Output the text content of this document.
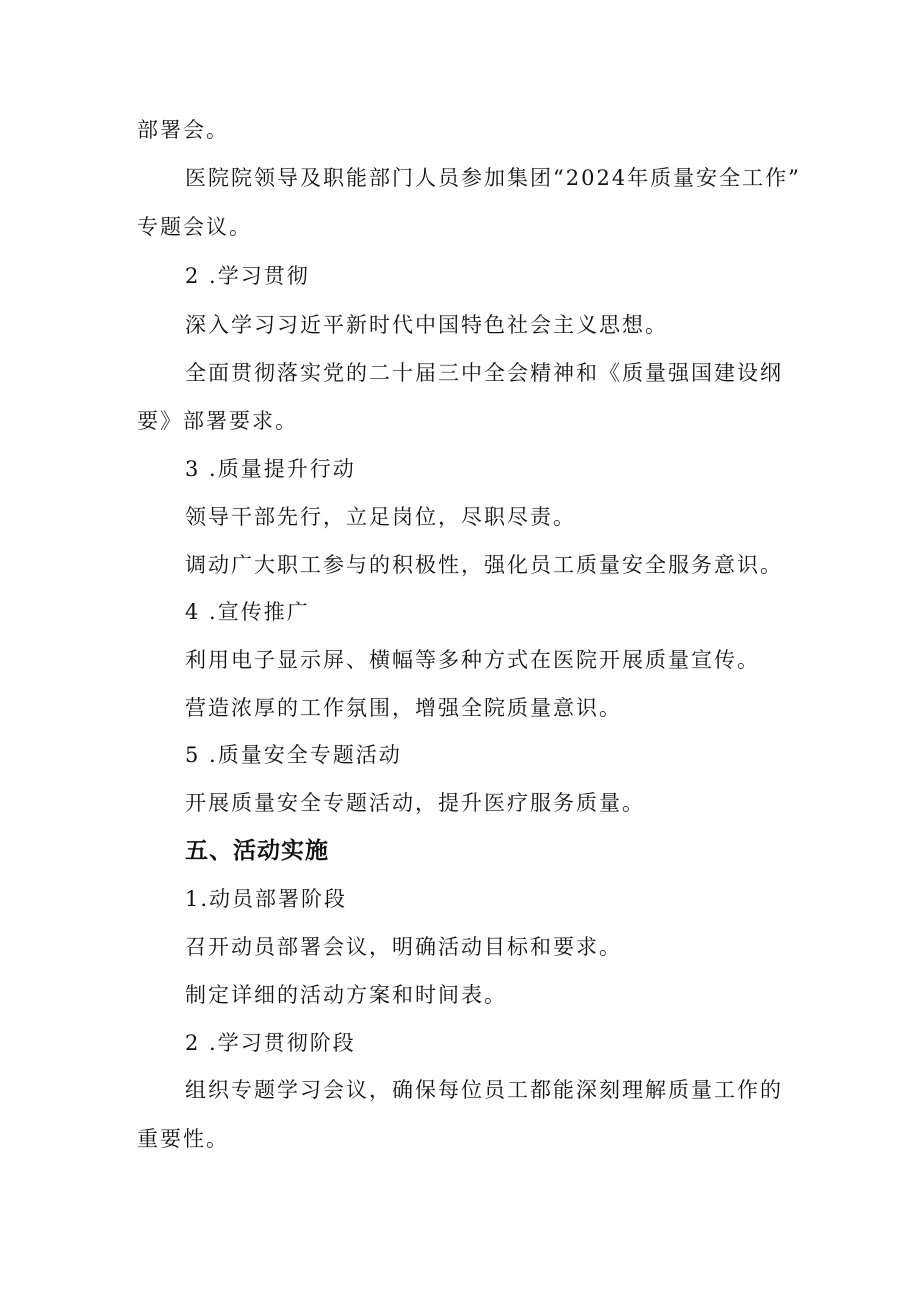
部署会。
医院院领导及职能部门人员参加集团“2024年质量安全工作”
专题会议。
2 .学习贯彻
深入学习习近平新时代中国特色社会主义思想。
全面贯彻落实党的二十届三中全会精神和《质量强国建设纲
要》部署要求。
3 .质量提升行动
领导干部先行，立足岗位，尽职尽责。
调动广大职工参与的积极性，强化员工质量安全服务意识。
4 .宣传推广
利用电子显示屏、横幅等多种方式在医院开展质量宣传。
营造浓厚的工作氛围，增强全院质量意识。
5 .质量安全专题活动
开展质量安全专题活动，提升医疗服务质量。
五、活动实施
1.动员部署阶段
召开动员部署会议，明确活动目标和要求。
制定详细的活动方案和时间表。
2 .学习贯彻阶段
组织专题学习会议，确保每位员工都能深刻理解质量工作的
重要性。
